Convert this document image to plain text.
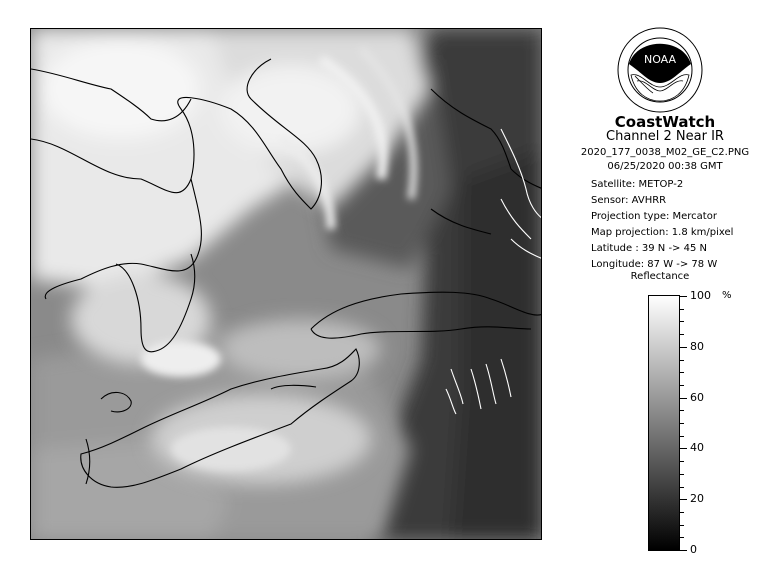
NOAA
CoastWatch
Channel 2 Near IR
2020_177_0038_M02_GE_C2.PNG
06/25/2020 00:38 GMT
Satellite: METOP-2
Sensor: AVHRR
Projection type: Mercator
Map projection: 1.8 km/pixel
Latitude : 39 N -> 45 N
Longitude: 87 W -> 78 W
Reflectance
%
100
80
60
40
20
0
